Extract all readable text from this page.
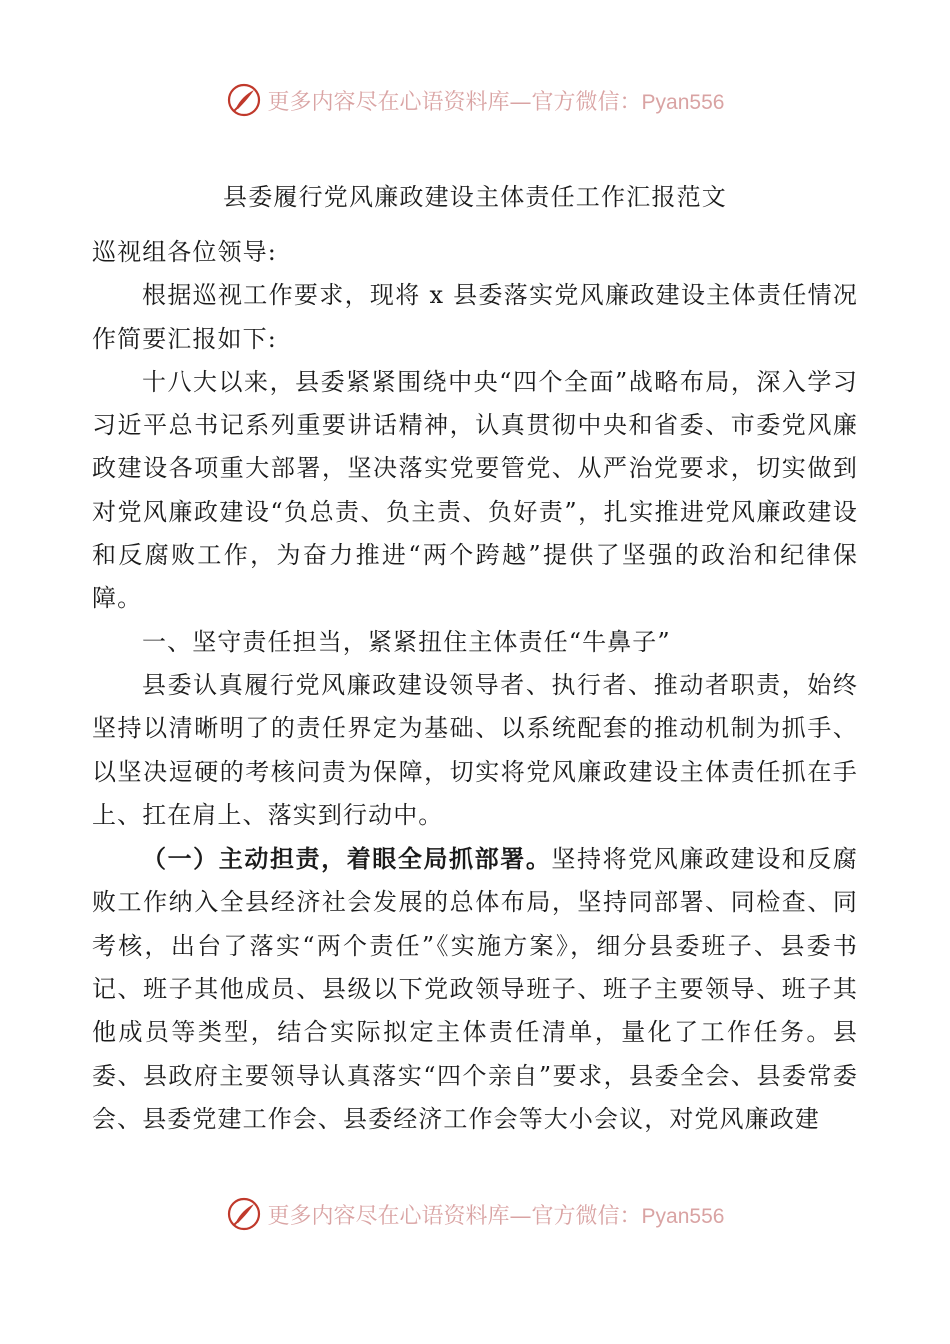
更多内容尽在心语资料库—官方微信：Pyan556
县委履行党风廉政建设主体责任工作汇报范文

巡视组各位领导:

根据巡视工作要求，现将 x 县委落实党风廉政建设主体责任情况作简要汇报如下:

十八大以来，县委紧紧围绕中央“四个全面”战略布局，深入学习习近平总书记系列重要讲话精神，认真贯彻中央和省委、市委党风廉政建设各项重大部署，坚决落实党要管党、从严治党要求，切实做到对党风廉政建设“负总责、负主责、负好责”，扎实推进党风廉政建设和反腐败工作，为奋力推进“两个跨越”提供了坚强的政治和纪律保障。

一、坚守责任担当，紧紧扭住主体责任“牛鼻子”

县委认真履行党风廉政建设领导者、执行者、推动者职责，始终坚持以清晰明了的责任界定为基础、以系统配套的推动机制为抓手、以坚决逗硬的考核问责为保障，切实将党风廉政建设主体责任抓在手上、扛在肩上、落实到行动中。

（一）主动担责，着眼全局抓部署。坚持将党风廉政建设和反腐败工作纳入全县经济社会发展的总体布局，坚持同部署、同检查、同考核，出台了落实“两个责任”《实施方案》，细分县委班子、县委书记、班子其他成员、县级以下党政领导班子、班子主要领导、班子其他成员等类型，结合实际拟定主体责任清单，量化了工作任务。县委、县政府主要领导认真落实“四个亲自”要求，县委全会、县委常委会、县委党建工作会、县委经济工作会等大小会议，对党风廉政建

更多内容尽在心语资料库—官方微信：Pyan556
